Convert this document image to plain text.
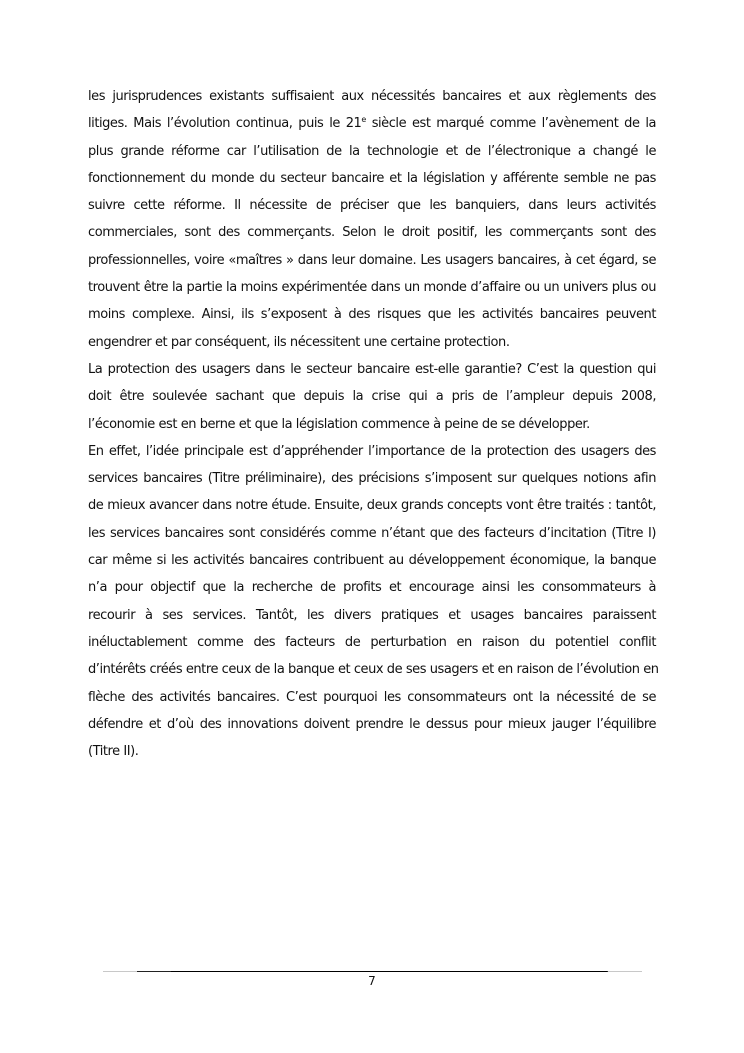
les jurisprudences existants suffisaient aux nécessités bancaires et aux règlements des
litiges. Mais l’évolution continua, puis le 21e siècle est marqué comme l’avènement de la
plus grande réforme car l’utilisation de la technologie et de l’électronique a changé le
fonctionnement du monde du secteur bancaire et la législation y afférente semble ne pas
suivre cette réforme. Il nécessite de préciser que les banquiers, dans leurs activités
commerciales, sont des commerçants. Selon le droit positif, les commerçants sont des
professionnelles, voire «maîtres » dans leur domaine. Les usagers bancaires, à cet égard, se
trouvent être la partie la moins expérimentée dans un monde d’affaire ou un univers plus ou
moins complexe. Ainsi, ils s’exposent à des risques que les activités bancaires peuvent
engendrer et par conséquent, ils nécessitent une certaine protection.
La protection des usagers dans le secteur bancaire est-elle garantie? C’est la question qui
doit être soulevée sachant que depuis la crise qui a pris de l’ampleur depuis 2008,
l’économie est en berne et que la législation commence à peine de se développer.
En effet, l’idée principale est d’appréhender l’importance de la protection des usagers des
services bancaires (Titre préliminaire), des précisions s’imposent sur quelques notions afin
de mieux avancer dans notre étude. Ensuite, deux grands concepts vont être traités : tantôt,
les services bancaires sont considérés comme n’étant que des facteurs d’incitation (Titre I)
car même si les activités bancaires contribuent au développement économique, la banque
n’a pour objectif que la recherche de profits et encourage ainsi les consommateurs à
recourir à ses services. Tantôt, les divers pratiques et usages bancaires paraissent
inéluctablement comme des facteurs de perturbation en raison du potentiel conflit
d’intérêts créés entre ceux de la banque et ceux de ses usagers et en raison de l’évolution en
flèche des activités bancaires. C’est pourquoi les consommateurs ont la nécessité de se
défendre et d’où des innovations doivent prendre le dessus pour mieux jauger l’équilibre
(Titre II).
7
